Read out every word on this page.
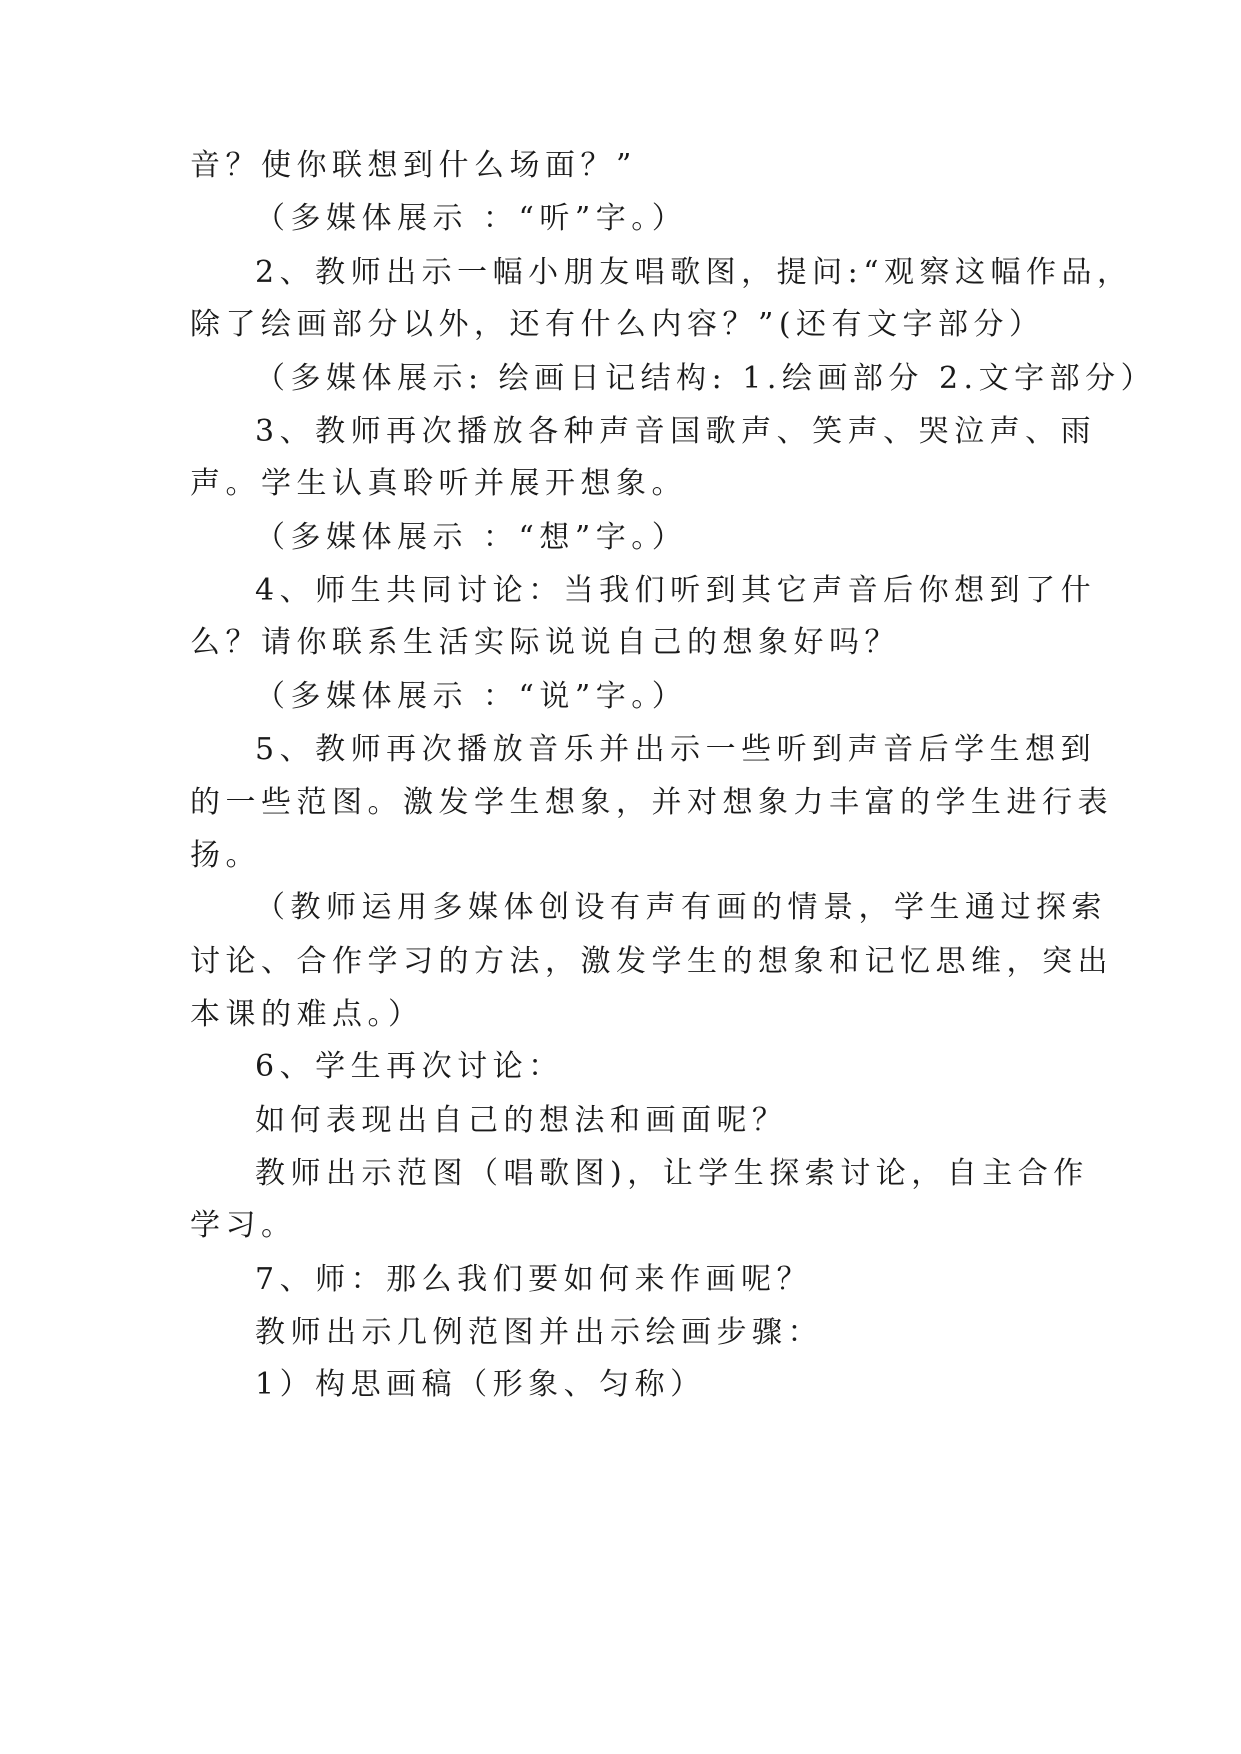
音？使你联想到什么场面？”
（多媒体展示 ：“听”字。）
2、教师出示一幅小朋友唱歌图，提问:“观察这幅作品，
除了绘画部分以外，还有什么内容？”(还有文字部分）
（多媒体展示: 绘画日记结构: 1.绘画部分 2.文字部分）
3、教师再次播放各种声音国歌声、笑声、哭泣声、雨
声。学生认真聆听并展开想象。
（多媒体展示 ：“想”字。）
4、师生共同讨论：当我们听到其它声音后你想到了什
么？请你联系生活实际说说自己的想象好吗？
（多媒体展示 ：“说”字。）
5、教师再次播放音乐并出示一些听到声音后学生想到
的一些范图。激发学生想象，并对想象力丰富的学生进行表
扬。
（教师运用多媒体创设有声有画的情景，学生通过探索
讨论、合作学习的方法，激发学生的想象和记忆思维，突出
本课的难点。）
6、学生再次讨论：
如何表现出自己的想法和画面呢？
教师出示范图（唱歌图)，让学生探索讨论，自主合作
学习。
7、师：那么我们要如何来作画呢？
教师出示几例范图并出示绘画步骤：
1）构思画稿（形象、匀称）
